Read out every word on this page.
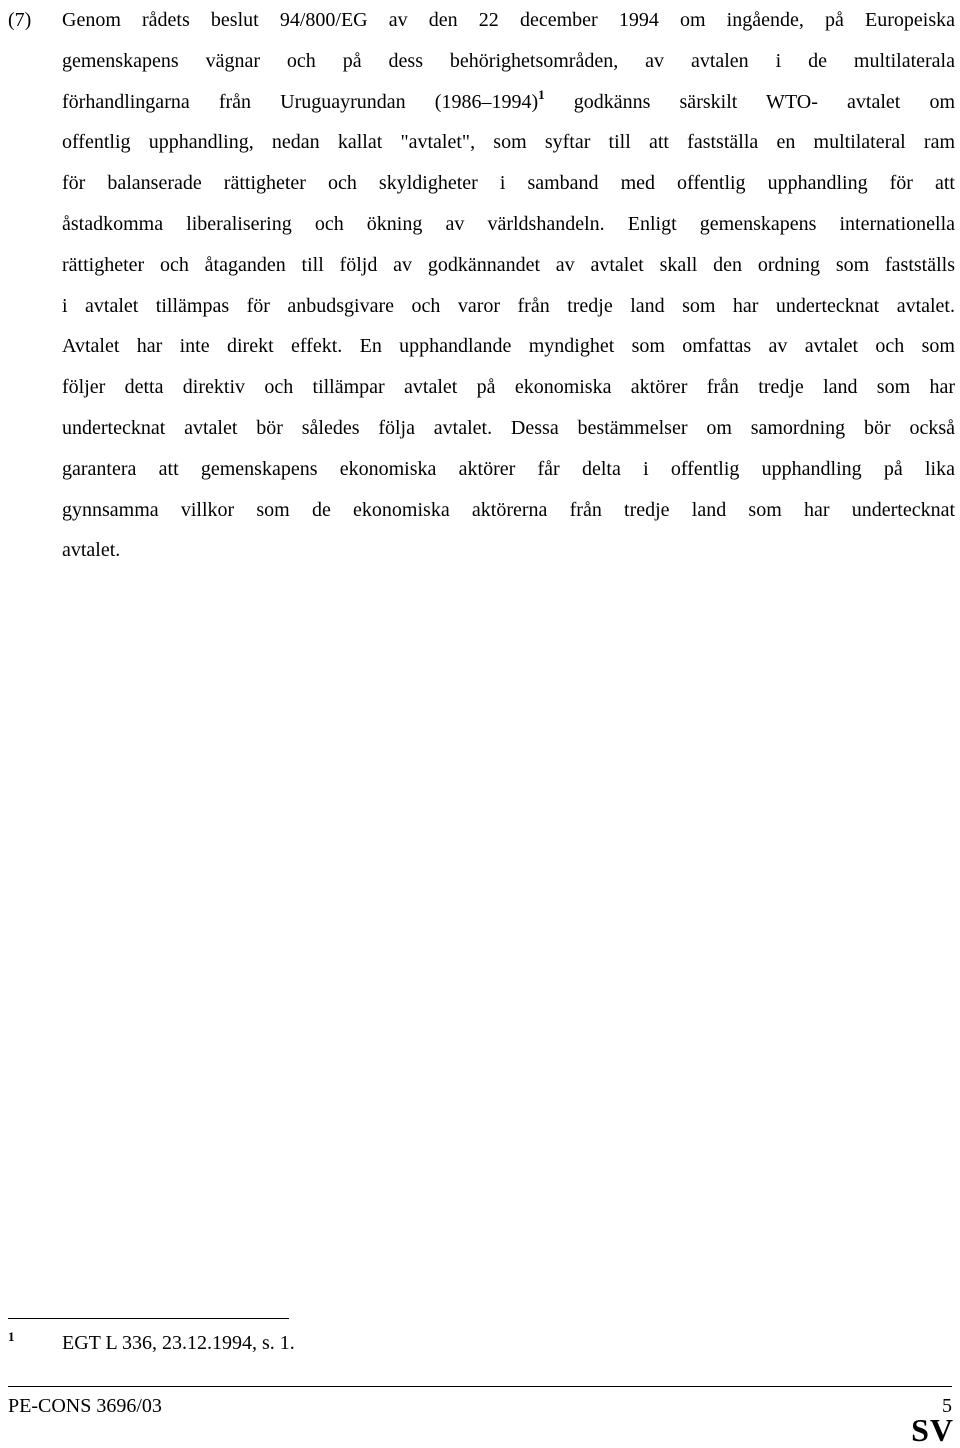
(7) Genom rådets beslut 94/800/EG av den 22 december 1994 om ingående, på Europeiska
gemenskapens vägnar och på dess behörighetsområden, av avtalen i de multilaterala
förhandlingarna från Uruguayrundan (1986–1994)$^1$ godkänns särskilt WTO- avtalet om
offentlig upphandling, nedan kallat "avtalet", som syftar till att fastställa en multilateral ram
för balanserade rättigheter och skyldigheter i samband med offentlig upphandling för att
åstadkomma liberalisering och ökning av världshandeln. Enligt gemenskapens internationella
rättigheter och åtaganden till följd av godkännandet av avtalet skall den ordning som fastställs
i avtalet tillämpas för anbudsgivare och varor från tredje land som har undertecknat avtalet.
Avtalet har inte direkt effekt. En upphandlande myndighet som omfattas av avtalet och som
följer detta direktiv och tillämpar avtalet på ekonomiska aktörer från tredje land som har
undertecknat avtalet bör således följa avtalet. Dessa bestämmelser om samordning bör också
garantera att gemenskapens ekonomiska aktörer får delta i offentlig upphandling på lika
gynnsamma villkor som de ekonomiska aktörerna från tredje land som har undertecknat
avtalet.
1 EGT L 336, 23.12.1994, s. 1.
PE-CONS 3696/03	5
SV
